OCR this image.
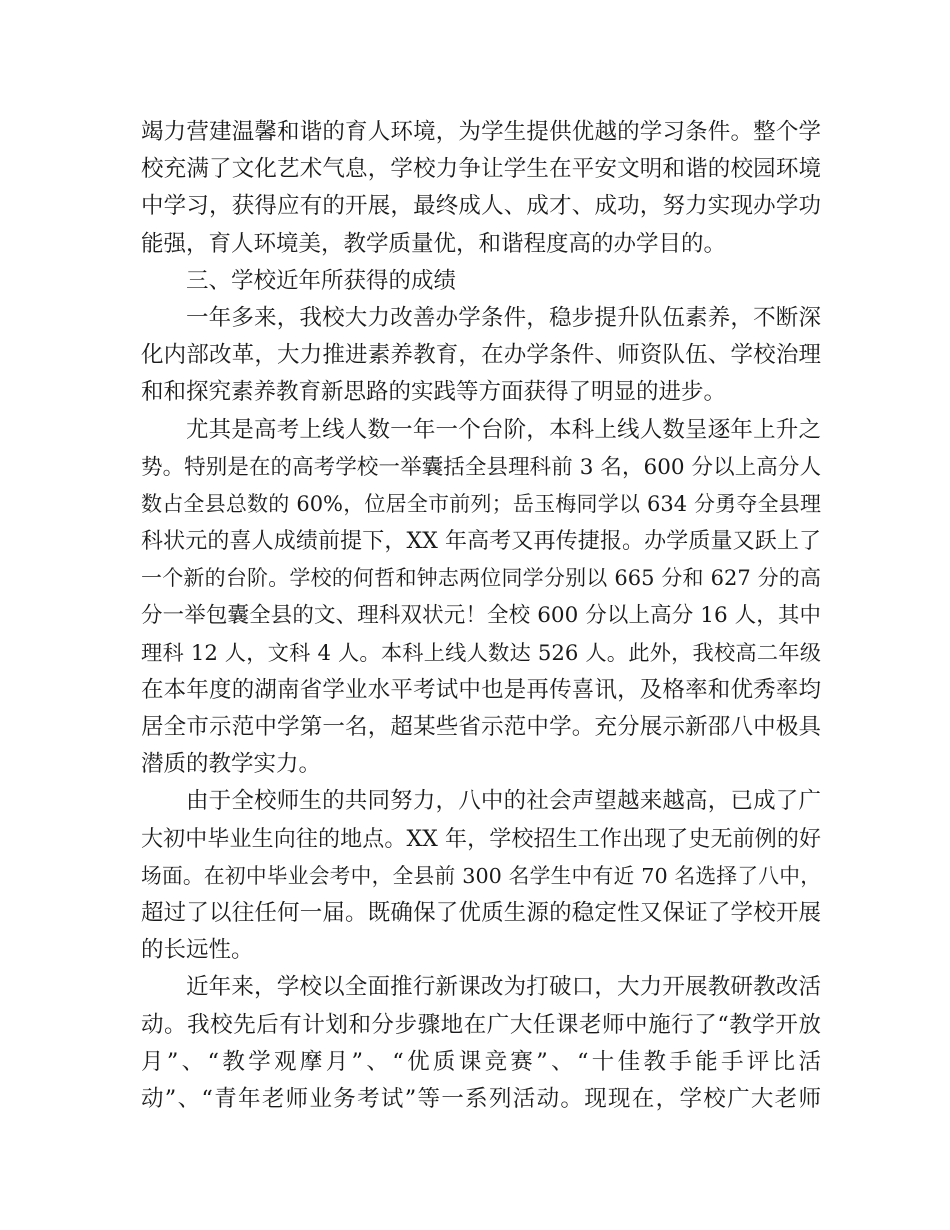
竭力营建温馨和谐的育人环境，为学生提供优越的学习条件。整个学
校充满了文化艺术气息，学校力争让学生在平安文明和谐的校园环境
中学习，获得应有的开展，最终成人、成才、成功，努力实现办学功
能强，育人环境美，教学质量优，和谐程度高的办学目的。
三、学校近年所获得的成绩
一年多来，我校大力改善办学条件，稳步提升队伍素养，不断深
化内部改革，大力推进素养教育，在办学条件、师资队伍、学校治理
和和探究素养教育新思路的实践等方面获得了明显的进步。
尤其是高考上线人数一年一个台阶，本科上线人数呈逐年上升之
势。特别是在的高考学校一举囊括全县理科前 3 名，600 分以上高分人
数占全县总数的 60%，位居全市前列；岳玉梅同学以 634 分勇夺全县理
科状元的喜人成绩前提下，XX 年高考又再传捷报。办学质量又跃上了
一个新的台阶。学校的何哲和钟志两位同学分别以 665 分和 627 分的高
分一举包囊全县的文、理科双状元！全校 600 分以上高分 16 人，其中
理科 12 人，文科 4 人。本科上线人数达 526 人。此外，我校高二年级
在本年度的湖南省学业水平考试中也是再传喜讯，及格率和优秀率均
居全市示范中学第一名，超某些省示范中学。充分展示新邵八中极具
潜质的教学实力。
由于全校师生的共同努力，八中的社会声望越来越高，已成了广
大初中毕业生向往的地点。XX 年，学校招生工作出现了史无前例的好
场面。在初中毕业会考中，全县前 300 名学生中有近 70 名选择了八中，
超过了以往任何一届。既确保了优质生源的稳定性又保证了学校开展
的长远性。
近年来，学校以全面推行新课改为打破口，大力开展教研教改活
动。我校先后有计划和分步骤地在广大任课老师中施行了“教学开放
月”、“教学观摩月”、“优质课竞赛”、“十佳教手能手评比活
动”、“青年老师业务考试”等一系列活动。现现在，学校广大老师
